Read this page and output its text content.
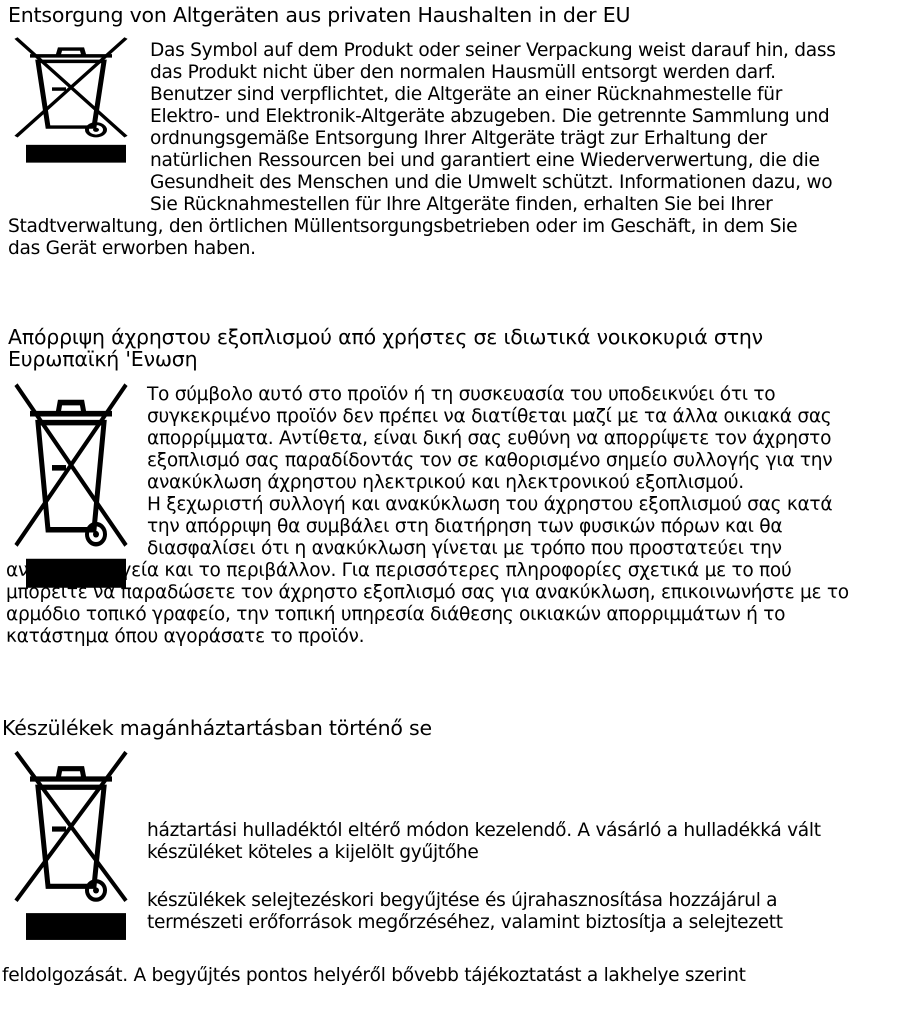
Entsorgung von Altgeräten aus privaten Haushalten in der EU
Das Symbol auf dem Produkt oder seiner Verpackung weist darauf hin, dass
das Produkt nicht über den normalen Hausmüll entsorgt werden darf.
Benutzer sind verpflichtet, die Altgeräte an einer Rücknahmestelle für
Elektro- und Elektronik-Altgeräte abzugeben. Die getrennte Sammlung und
ordnungsgemäße Entsorgung Ihrer Altgeräte trägt zur Erhaltung der
natürlichen Ressourcen bei und garantiert eine Wiederverwertung, die die
Gesundheit des Menschen und die Umwelt schützt. Informationen dazu, wo
Sie Rücknahmestellen für Ihre Altgeräte finden, erhalten Sie bei Ihrer
Stadtverwaltung, den örtlichen Müllentsorgungsbetrieben oder im Geschäft, in dem Sie
das Gerät erworben haben.
Απόρριψη άχρηστου εξοπλισμού από χρήστες σε ιδιωτικά νοικοκυριά στην
Ευρωπαϊκή 'Ενωση
Το σύμβολο αυτό στο προϊόν ή τη συσκευασία του υποδεικνύει ότι το
συγκεκριμένο προϊόν δεν πρέπει να διατίθεται μαζί με τα άλλα οικιακά σας
απορρίμματα. Αντίθετα, είναι δική σας ευθύνη να απορρίψετε τον άχρηστο
εξοπλισμό σας παραδίδοντάς τον σε καθορισμένο σημείο συλλογής για την
ανακύκλωση άχρηστου ηλεκτρικού και ηλεκτρονικού εξοπλισμού.
Η ξεχωριστή συλλογή και ανακύκλωση του άχρηστου εξοπλισμού σας κατά
την απόρριψη θα συμβάλει στη διατήρηση των φυσικών πόρων και θα
διασφαλίσει ότι η ανακύκλωση γίνεται με τρόπο που προστατεύει την
ανθρώπινη υγεία και το περιβάλλον. Για περισσότερες πληροφορίες σχετικά με το πού
μπορείτε να παραδώσετε τον άχρηστο εξοπλισμό σας για ανακύκλωση, επικοινωνήστε με το
αρμόδιο τοπικό γραφείο, την τοπική υπηρεσία διάθεσης οικιακών απορριμμάτων ή το
κατάστημα όπου αγοράσατε το προϊόν.
Készülékek magánháztartásban történő se
háztartási hulladéktól eltérő módon kezelendő. A vásárló a hulladékká vált
készüléket köteles a kijelölt gyűjtőhe
készülékek selejtezéskori begyűjtése és újrahasznosítása hozzájárul a
természeti erőforrások megőrzéséhez, valamint biztosítja a selejtezett
feldolgozását. A begyűjtés pontos helyéről bővebb tájékoztatást a lakhelye szerint
